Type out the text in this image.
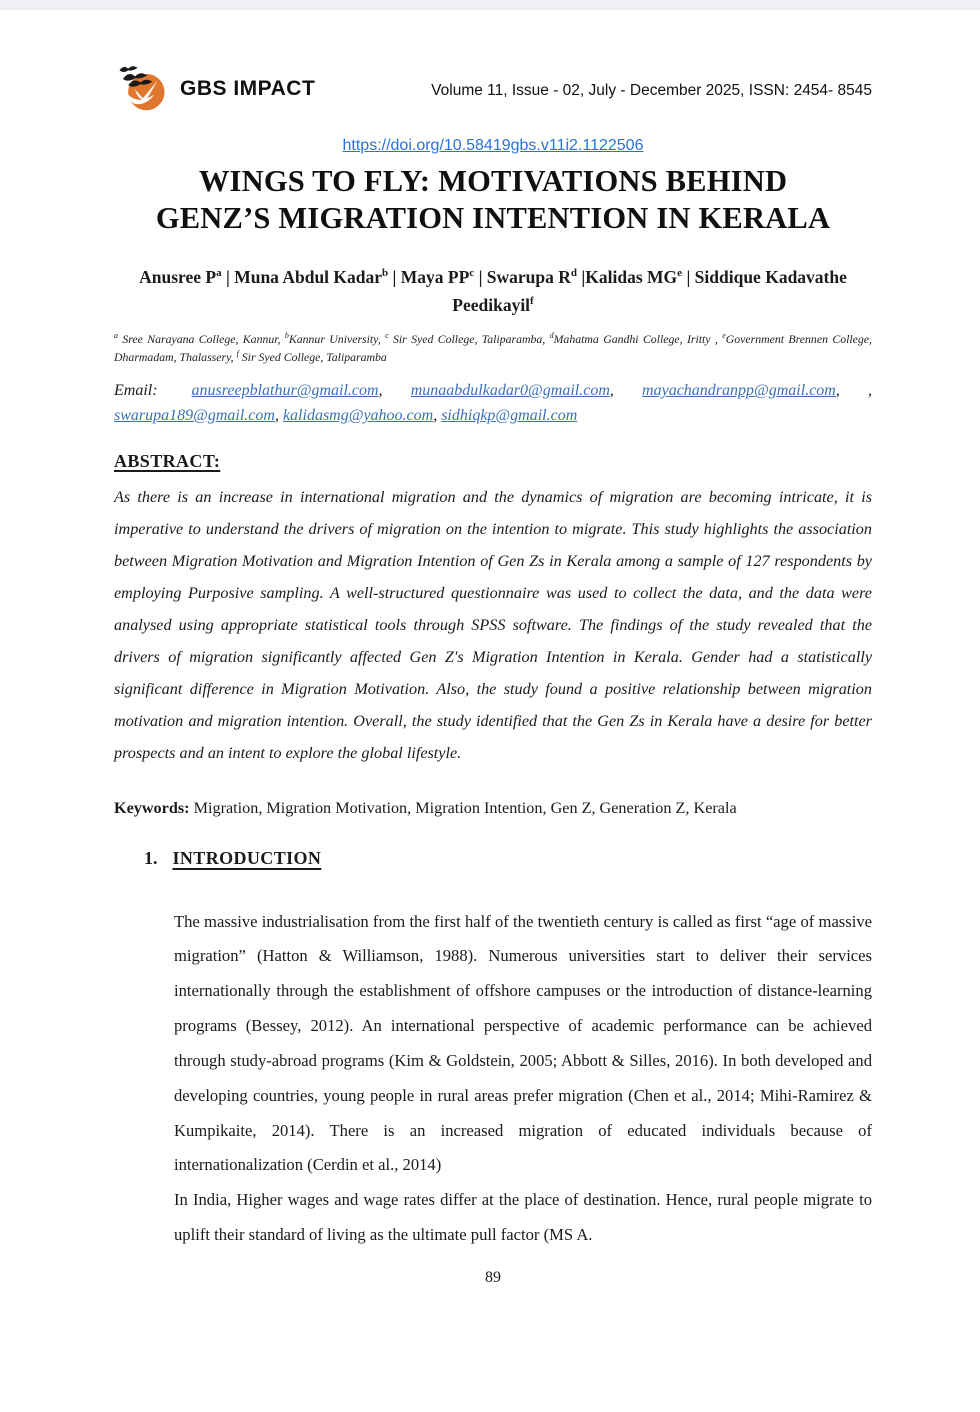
GBS IMPACT	Volume 11, Issue - 02, July - December 2025, ISSN: 2454- 8545
https://doi.org/10.58419gbs.v11i2.1122506
WINGS TO FLY: MOTIVATIONS BEHIND
GENZ’S MIGRATION INTENTION IN KERALA
Anusree $P^a$ | Muna Abdul Kadar$^b$ | Maya $PP^c$ | Swarupa $R^d$ |Kalidas $MG^e$ | Siddique Kadavathe Peedikayil$^f$
$^a$ Sree Narayana College, Kannur, $^b$Kannur University, $^c$ Sir Syed College, Taliparamba, $^d$Mahatma Gandhi College, Iritty , $^e$Government Brennen College, Dharmadam, Thalassery, $^f$ Sir Syed College, Taliparamba
Email: anusreepblathur@gmail.com, munaabdulkadar0@gmail.com, mayachandranpp@gmail.com, , swarupa189@gmail.com, kalidasmg@yahoo.com, sidhiqkp@gmail.com
ABSTRACT:

As there is an increase in international migration and the dynamics of migration are becoming intricate, it is imperative to understand the drivers of migration on the intention to migrate. This study highlights the association between Migration Motivation and Migration Intention of Gen Zs in Kerala among a sample of 127 respondents by employing Purposive sampling. A well-structured questionnaire was used to collect the data, and the data were analysed using appropriate statistical tools through SPSS software. The findings of the study revealed that the drivers of migration significantly affected Gen Z's Migration Intention in Kerala. Gender had a statistically significant difference in Migration Motivation. Also, the study found a positive relationship between migration motivation and migration intention. Overall, the study identified that the Gen Zs in Kerala have a desire for better prospects and an intent to explore the global lifestyle.

Keywords: Migration, Migration Motivation, Migration Intention, Gen Z, Generation Z, Kerala
1. INTRODUCTION

The massive industrialisation from the first half of the twentieth century is called as first “age of massive migration” (Hatton & Williamson, 1988). Numerous universities start to deliver their services internationally through the establishment of offshore campuses or the introduction of distance-learning programs (Bessey, 2012). An international perspective of academic performance can be achieved through study-abroad programs (Kim & Goldstein, 2005; Abbott & Silles, 2016). In both developed and developing countries, young people in rural areas prefer migration (Chen et al., 2014; Mihi-Ramirez & Kumpikaite, 2014). There is an increased migration of educated individuals because of internationalization (Cerdin et al., 2014)

In India, Higher wages and wage rates differ at the place of destination. Hence, rural people migrate to uplift their standard of living as the ultimate pull factor (MS A.

89
